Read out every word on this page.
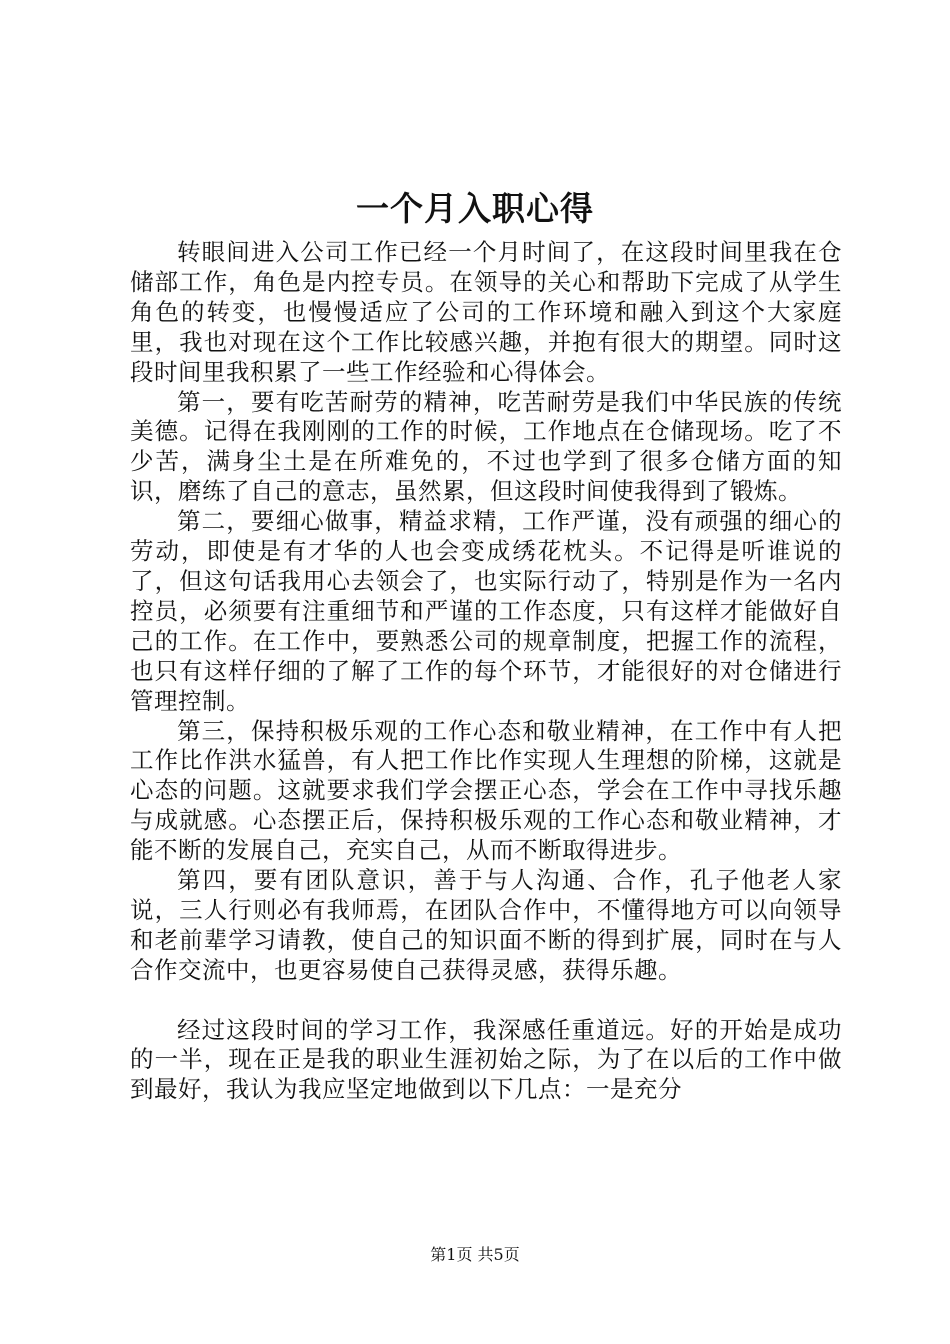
一个月入职心得

转眼间进入公司工作已经一个月时间了，在这段时间里我在仓储部工作，角色是内控专员。在领导的关心和帮助下完成了从学生角色的转变，也慢慢适应了公司的工作环境和融入到这个大家庭里，我也对现在这个工作比较感兴趣，并抱有很大的期望。同时这段时间里我积累了一些工作经验和心得体会。

第一，要有吃苦耐劳的精神，吃苦耐劳是我们中华民族的传统美德。记得在我刚刚的工作的时候，工作地点在仓储现场。吃了不少苦，满身尘土是在所难免的，不过也学到了很多仓储方面的知识，磨练了自己的意志，虽然累，但这段时间使我得到了锻炼。

第二，要细心做事，精益求精，工作严谨，没有顽强的细心的劳动，即使是有才华的人也会变成绣花枕头。不记得是听谁说的了，但这句话我用心去领会了，也实际行动了，特别是作为一名内控员，必须要有注重细节和严谨的工作态度，只有这样才能做好自己的工作。在工作中，要熟悉公司的规章制度，把握工作的流程，也只有这样仔细的了解了工作的每个环节，才能很好的对仓储进行管理控制。

第三，保持积极乐观的工作心态和敬业精神，在工作中有人把工作比作洪水猛兽，有人把工作比作实现人生理想的阶梯，这就是心态的问题。这就要求我们学会摆正心态，学会在工作中寻找乐趣与成就感。心态摆正后，保持积极乐观的工作心态和敬业精神，才能不断的发展自己，充实自己，从而不断取得进步。

第四，要有团队意识，善于与人沟通、合作，孔子他老人家说，三人行则必有我师焉，在团队合作中，不懂得地方可以向领导和老前辈学习请教，使自己的知识面不断的得到扩展，同时在与人合作交流中，也更容易使自己获得灵感，获得乐趣。

经过这段时间的学习工作，我深感任重道远。好的开始是成功的一半，现在正是我的职业生涯初始之际，为了在以后的工作中做到最好，我认为我应坚定地做到以下几点：一是充分

第1页 共5页
